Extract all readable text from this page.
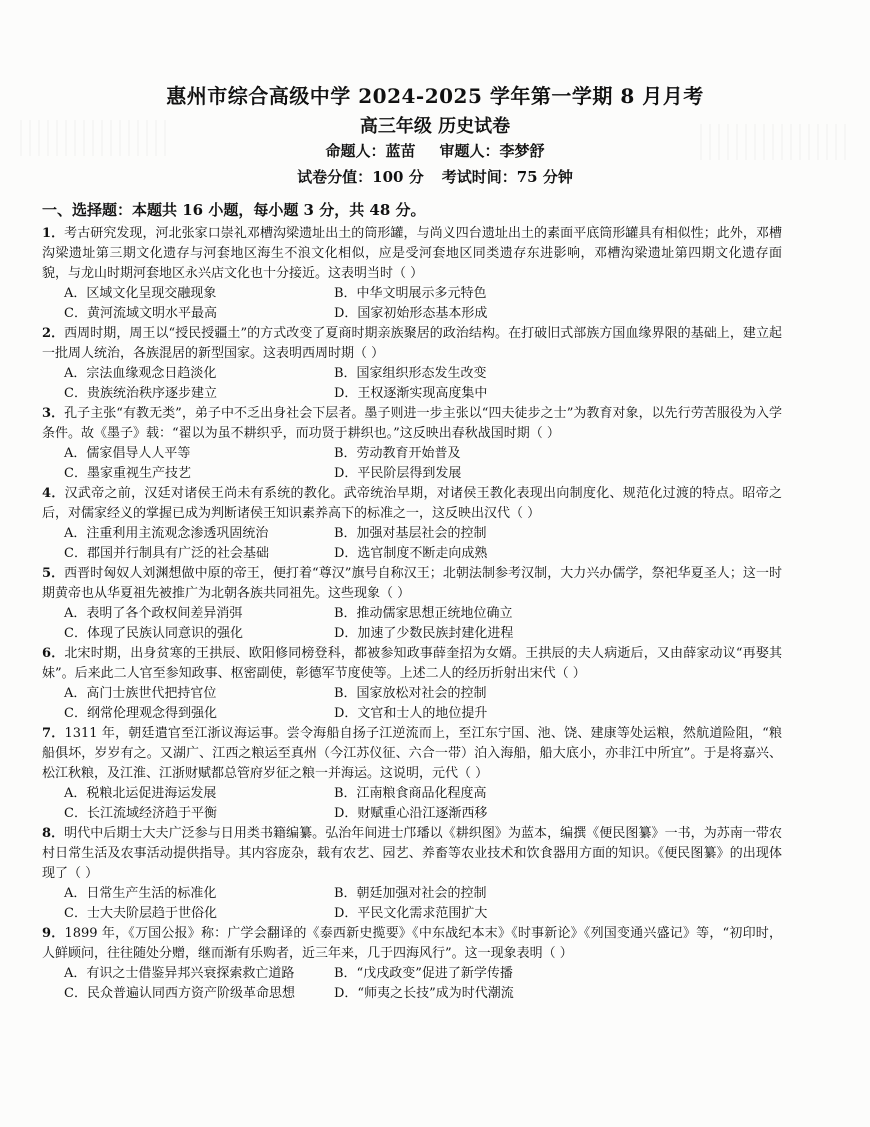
惠州市综合高级中学 2024-2025 学年第一学期 8 月月考
高三年级 历史试卷
命题人：蓝苗 审题人：李梦舒
试卷分值：100 分 考试时间：75 分钟
一、选择题：本题共 16 小题，每小题 3 分，共 48 分。
1．考古研究发现，河北张家口崇礼邓槽沟梁遗址出土的筒形罐，与尚义四台遗址出土的素面平底筒形罐具有相似性；此外，邓槽沟梁遗址第三期文化遗存与河套地区海生不浪文化相似，应是受河套地区同类遗存东进影响，邓槽沟梁遗址第四期文化遗存面貌，与龙山时期河套地区永兴店文化也十分接近。这表明当时（ ）
A．区域文化呈现交融现象	B．中华文明展示多元特色
C．黄河流域文明水平最高	D．国家初始形态基本形成
2．西周时期，周王以“授民授疆土”的方式改变了夏商时期亲族聚居的政治结构。在打破旧式部族方国血缘界限的基础上，建立起一批周人统治，各族混居的新型国家。这表明西周时期（ ）
A．宗法血缘观念日趋淡化	B．国家组织形态发生改变
C．贵族统治秩序逐步建立	D．王权逐渐实现高度集中
3．孔子主张“有教无类”，弟子中不乏出身社会下层者。墨子则进一步主张以“四夫徒步之士”为教育对象，以先行劳苦服役为入学条件。故《墨子》载：“翟以为虽不耕织乎，而功贤于耕织也。”这反映出春秋战国时期（ ）
A．儒家倡导人人平等	B．劳动教育开始普及
C．墨家重视生产技艺	D．平民阶层得到发展
4．汉武帝之前，汉廷对诸侯王尚未有系统的教化。武帝统治早期，对诸侯王教化表现出向制度化、规范化过渡的特点。昭帝之后，对儒家经义的掌握已成为判断诸侯王知识素养高下的标准之一，这反映出汉代（ ）
A．注重利用主流观念渗透巩固统治	B．加强对基层社会的控制
C．郡国并行制具有广泛的社会基础	D．选官制度不断走向成熟
5．西晋时匈奴人刘渊想做中原的帝王，便打着“尊汉”旗号自称汉王；北朝法制参考汉制，大力兴办儒学，祭祀华夏圣人；这一时期黄帝也从华夏祖先被推广为北朝各族共同祖先。这些现象（ ）
A．表明了各个政权间差异消弭	B．推动儒家思想正统地位确立
C．体现了民族认同意识的强化	D．加速了少数民族封建化进程
6．北宋时期，出身贫寒的王拱辰、欧阳修同榜登科，都被参知政事薛奎招为女婿。王拱辰的夫人病逝后，又由薛家动议“再娶其妹”。后来此二人官至参知政事、枢密副使，彰德军节度使等。上述二人的经历折射出宋代（ ）
A．高门士族世代把持官位	B．国家放松对社会的控制
C．纲常伦理观念得到强化	D．文官和士人的地位提升
7．1311 年，朝廷遣官至江浙议海运事。尝令海船自扬子江逆流而上，至江东宁国、池、饶、建康等处运粮，然航道险阻，“粮船俱坏，岁岁有之。又湖广、江西之粮运至真州（今江苏仪征、六合一带）泊入海船，船大底小，亦非江中所宜”。于是将嘉兴、松江秋粮，及江淮、江浙财赋都总管府岁征之粮一并海运。这说明，元代（ ）
A．税粮北运促进海运发展	B．江南粮食商品化程度高
C．长江流域经济趋于平衡	D．财赋重心沿江逐渐西移
8．明代中后期士大夫广泛参与日用类书籍编纂。弘治年间进士邝璠以《耕织图》为蓝本，编撰《便民图纂》一书，为苏南一带农村日常生活及农事活动提供指导。其内容庞杂，载有农艺、园艺、养畜等农业技术和饮食器用方面的知识。《便民图纂》的出现体现了（ ）
A．日常生产生活的标准化	B．朝廷加强对社会的控制
C．士大夫阶层趋于世俗化	D．平民文化需求范围扩大
9．1899 年，《万国公报》称：广学会翻译的《泰西新史揽要》《中东战纪本末》《时事新论》《列国变通兴盛记》等，“初印时，人鲜顾问，往往随处分赠，继而渐有乐购者，近三年来，几于四海风行”。这一现象表明（ ）
A．有识之士借鉴异邦兴衰探索救亡道路	B．“戊戌政变”促进了新学传播
C．民众普遍认同西方资产阶级革命思想	D．“师夷之长技”成为时代潮流
